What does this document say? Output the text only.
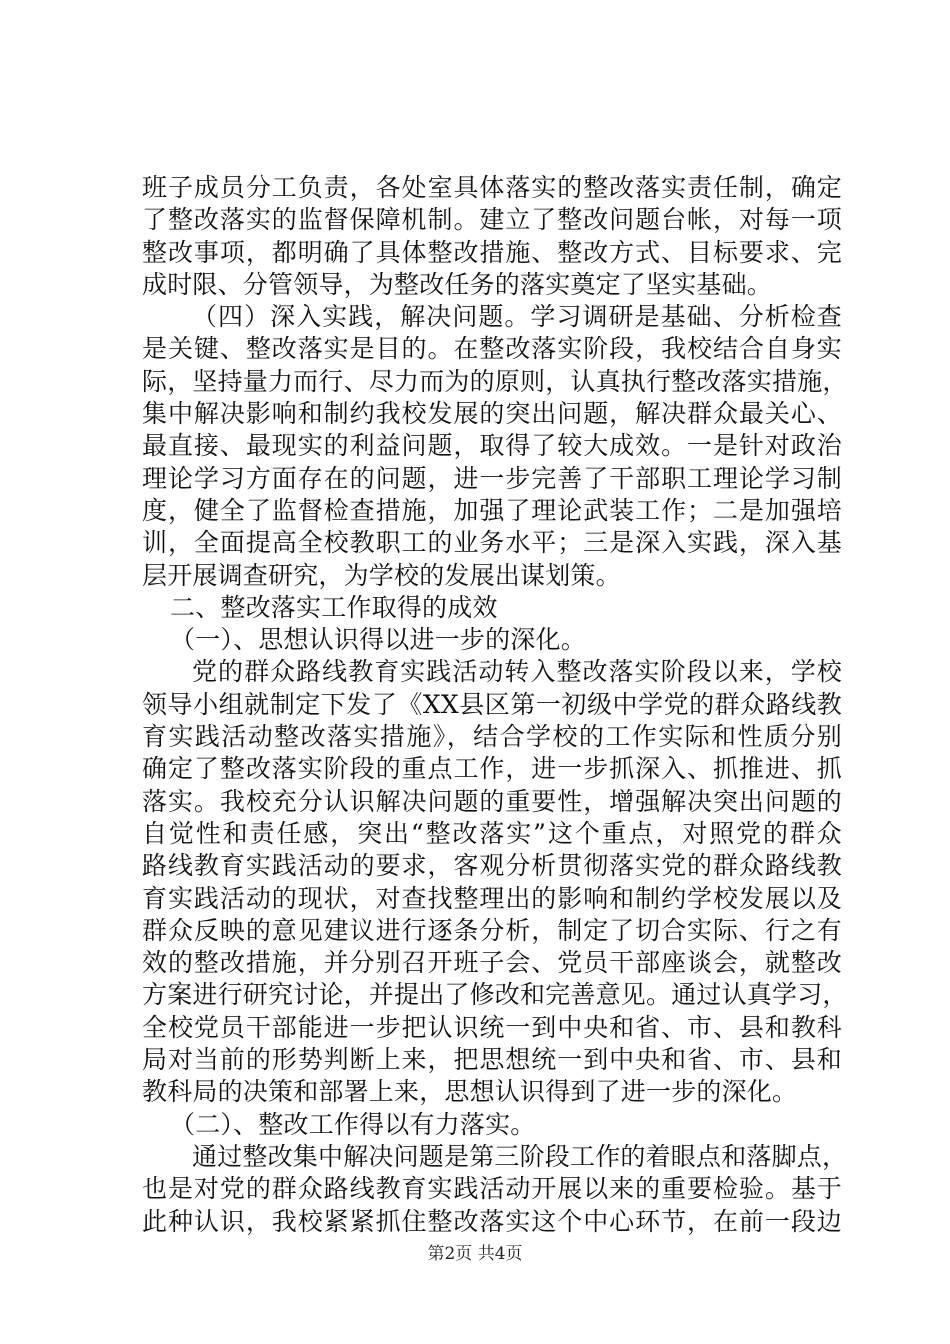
班子成员分工负责，各处室具体落实的整改落实责任制，确定
了整改落实的监督保障机制。建立了整改问题台帐，对每一项
整改事项，都明确了具体整改措施、整改方式、目标要求、完
成时限、分管领导，为整改任务的落实奠定了坚实基础。
（四）深入实践，解决问题。学习调研是基础、分析检查
是关键、整改落实是目的。在整改落实阶段，我校结合自身实
际，坚持量力而行、尽力而为的原则，认真执行整改落实措施，
集中解决影响和制约我校发展的突出问题，解决群众最关心、
最直接、最现实的利益问题，取得了较大成效。一是针对政治
理论学习方面存在的问题，进一步完善了干部职工理论学习制
度，健全了监督检查措施，加强了理论武装工作；二是加强培
训，全面提高全校教职工的业务水平；三是深入实践，深入基
层开展调查研究，为学校的发展出谋划策。
二、整改落实工作取得的成效
（一）、思想认识得以进一步的深化。
党的群众路线教育实践活动转入整改落实阶段以来，学校
领导小组就制定下发了《XX县区第一初级中学党的群众路线教
育实践活动整改落实措施》，结合学校的工作实际和性质分别
确定了整改落实阶段的重点工作，进一步抓深入、抓推进、抓
落实。我校充分认识解决问题的重要性，增强解决突出问题的
自觉性和责任感，突出“整改落实”这个重点，对照党的群众
路线教育实践活动的要求，客观分析贯彻落实党的群众路线教
育实践活动的现状，对查找整理出的影响和制约学校发展以及
群众反映的意见建议进行逐条分析，制定了切合实际、行之有
效的整改措施，并分别召开班子会、党员干部座谈会，就整改
方案进行研究讨论，并提出了修改和完善意见。通过认真学习，
全校党员干部能进一步把认识统一到中央和省、市、县和教科
局对当前的形势判断上来，把思想统一到中央和省、市、县和
教科局的决策和部署上来，思想认识得到了进一步的深化。
（二）、整改工作得以有力落实。
通过整改集中解决问题是第三阶段工作的着眼点和落脚点，
也是对党的群众路线教育实践活动开展以来的重要检验。基于
此种认识，我校紧紧抓住整改落实这个中心环节，在前一段边
第2页 共4页
